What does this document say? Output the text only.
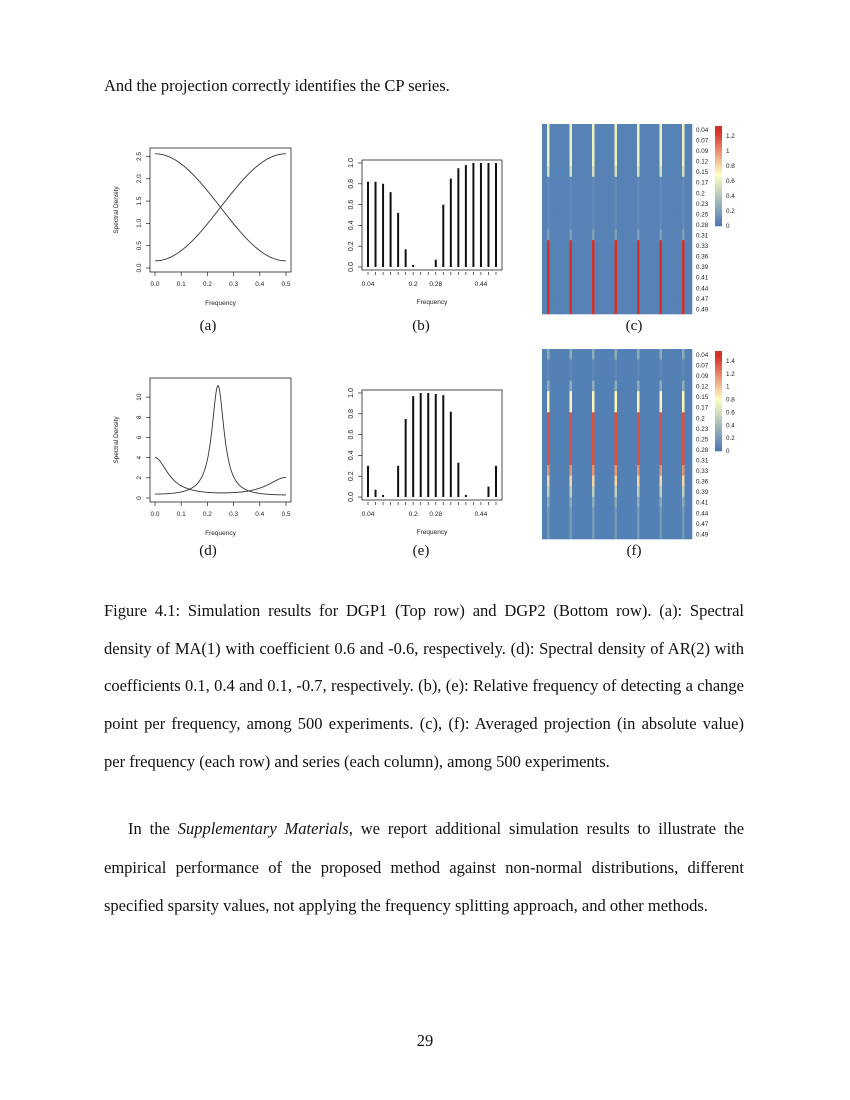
And the projection correctly identifies the CP series.
0.0	0.1	0.2	0.3	0.4	0.5
0.0
0.5
1.0
1.5
2.0
2.5
Frequency
Spectral Density
0.04	0.2 0.28	0.44
0.0
0.2
0.4
0.6
0.8
1.0
Frequency
0.04
0.07
0.09
0.12
0.15
0.17
0.2
0.23
0.25
0.28
0.31
0.33
0.36
0.39
0.41
0.44
0.47
0.49
1.2
1
0.8
0.6
0.4
0.2
0
(a)	(b)	(c)
0.0	0.1	0.2	0.3	0.4	0.5
0
2
4
6
8
10
Frequency
Spectral Density
0.04	0.2 0.28	0.44
0.0
0.2
0.4
0.6
0.8
1.0
Frequency
0.04
0.07
0.09
0.12
0.15
0.17
0.2
0.23
0.25
0.28
0.31
0.33
0.36
0.39
0.41
0.44
0.47
0.49
1.4
1.2
1
0.8
0.6
0.4
0.2
0
(d)	(e)	(f)
Figure 4.1: Simulation results for DGP1 (Top row) and DGP2 (Bottom row). (a): Spectral density of MA(1) with coefficient 0.6 and -0.6, respectively. (d): Spectral density of AR(2) with coefficients 0.1, 0.4 and 0.1, -0.7, respectively. (b), (e): Relative frequency of detecting a change point per frequency, among 500 experiments. (c), (f): Averaged projection (in absolute value) per frequency (each row) and series (each column), among 500 experiments.
In the Supplementary Materials, we report additional simulation results to illustrate the empirical performance of the proposed method against non-normal distributions, different specified sparsity values, not applying the frequency splitting approach, and other methods.
29
